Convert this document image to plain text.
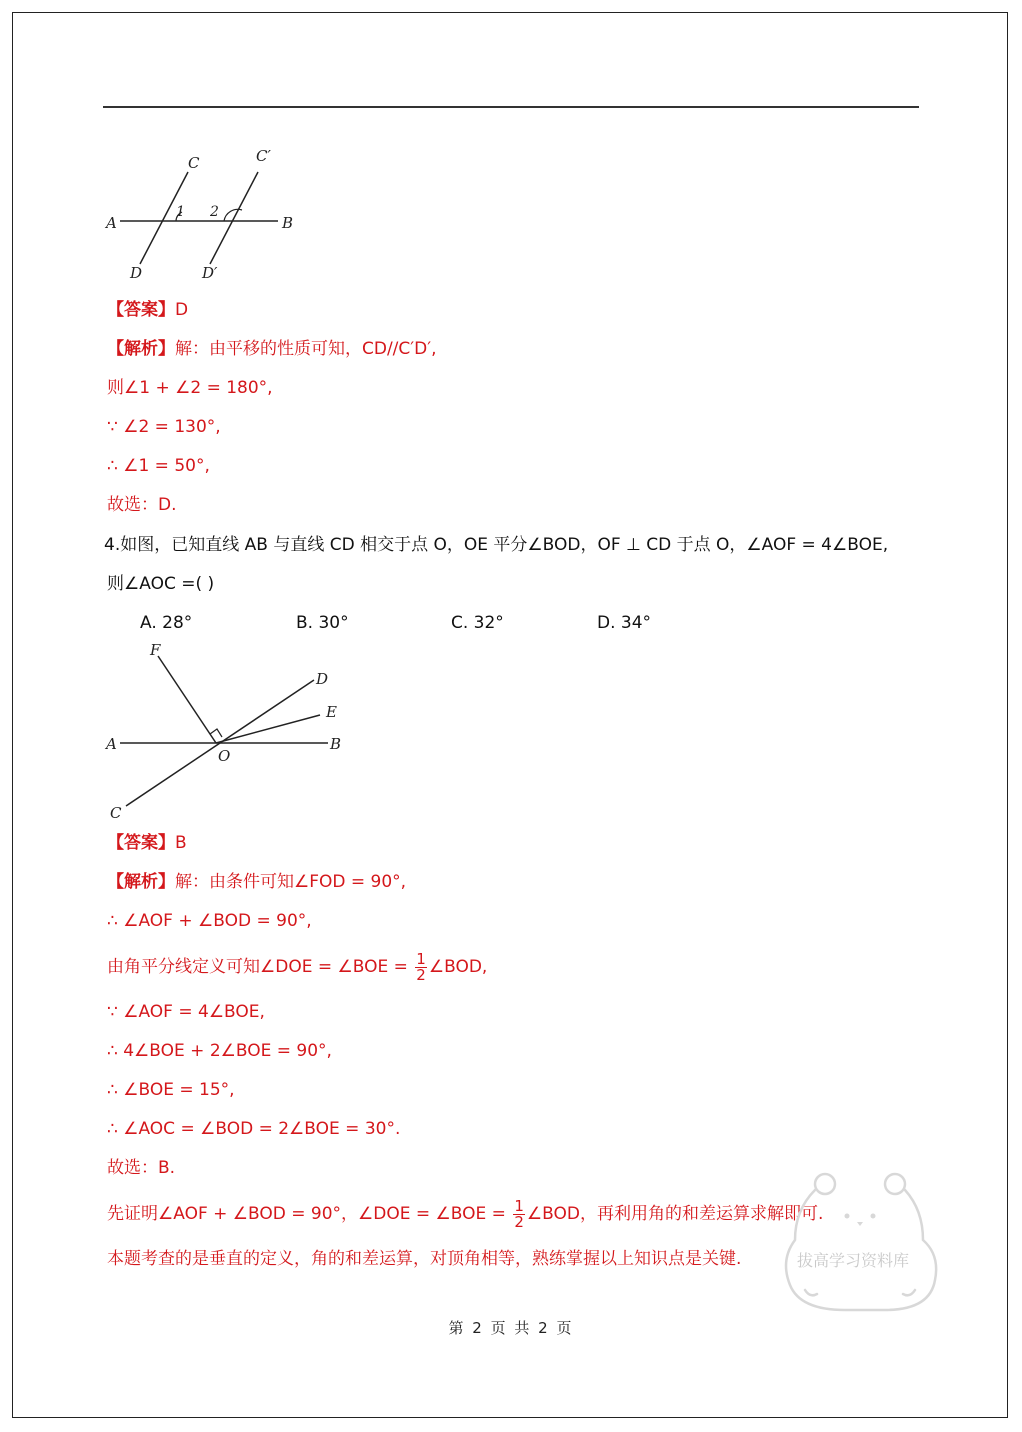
C	C′
A	B
D	D′
1 2

【答案】D

【解析】解：由平移的性质可知，CD//C′D′,

则∠1 + ∠2 = 180°,

∵ ∠2 = 130°,

∴ ∠1 = 50°,

故选：D.

4.如图，已知直线 AB 与直线 CD 相交于点 O，OE 平分∠BOD，OF ⊥ CD 于点 O，∠AOF = 4∠BOE,

则∠AOC =( )

A. 28°	B. 30°	C. 32°	D. 34°
F
D
E
A
O
B
C

【答案】B

【解析】解：由条件可知∠FOD = 90°,

∴ ∠AOF + ∠BOD = 90°,

由角平分线定义可知∠DOE = ∠BOE = $\frac{1}{2}$ ∠BOD,

∵ ∠AOF = 4∠BOE,

∴ 4∠BOE + 2∠BOE = 90°,

∴ ∠BOE = 15°,

∴ ∠AOC = ∠BOD = 2∠BOE = 30°.

故选：B.

先证明∠AOF + ∠BOD = 90°，∠DOE = ∠BOE = $\frac{1}{2}$ ∠BOD，再利用角的和差运算求解即可.

本题考查的是垂直的定义，角的和差运算，对顶角相等，熟练掌握以上知识点是关键.	拔高学习资料库
第 2 页 共 2 页
